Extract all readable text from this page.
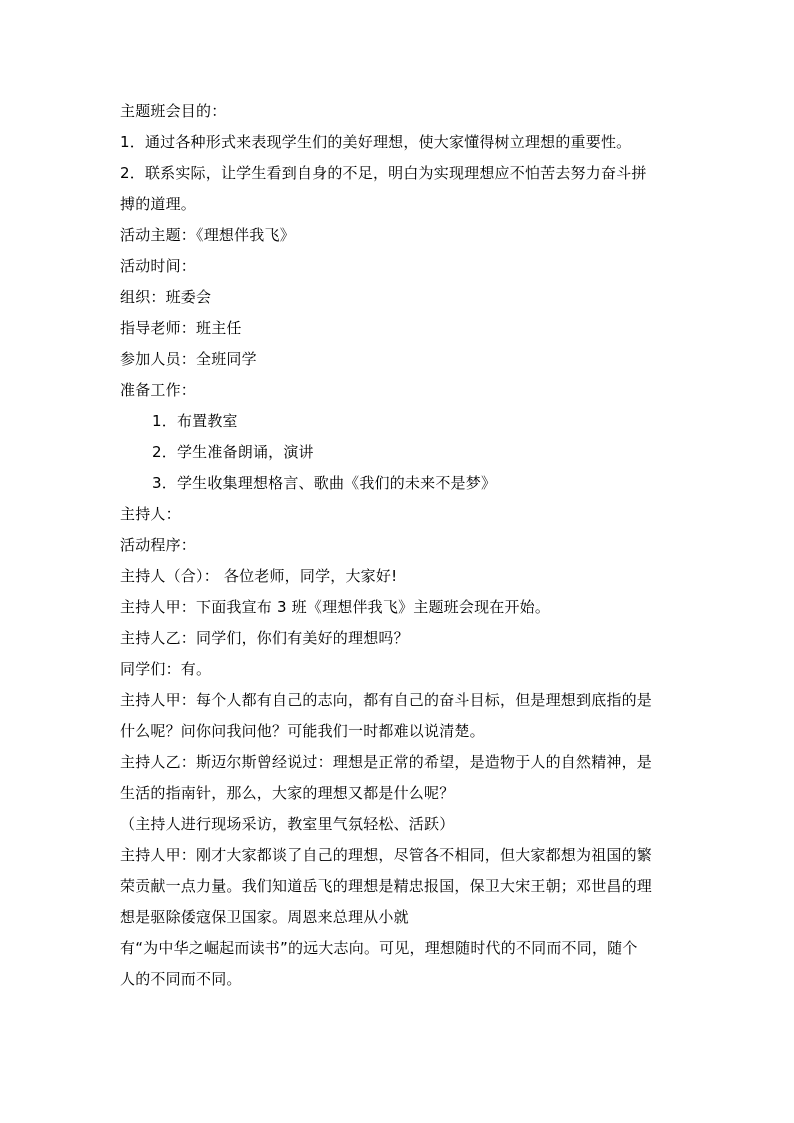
主题班会目的：
1．通过各种形式来表现学生们的美好理想，使大家懂得树立理想的重要性。
2．联系实际，让学生看到自身的不足，明白为实现理想应不怕苦去努力奋斗拼
搏的道理。
活动主题：《理想伴我飞》
活动时间：
组织：班委会
指导老师：班主任
参加人员：全班同学
准备工作：
1．布置教室
2．学生准备朗诵，演讲
3．学生收集理想格言、歌曲《我们的未来不是梦》
主持人：
活动程序：
主持人（合）： 各位老师，同学，大家好!
主持人甲：下面我宣布 3 班《理想伴我飞》主题班会现在开始。
主持人乙：同学们，你们有美好的理想吗？
同学们：有。
主持人甲：每个人都有自己的志向，都有自己的奋斗目标，但是理想到底指的是
什么呢？问你问我问他？可能我们一时都难以说清楚。
主持人乙：斯迈尔斯曾经说过：理想是正常的希望，是造物于人的自然精神，是
生活的指南针，那么，大家的理想又都是什么呢？
（主持人进行现场采访，教室里气氛轻松、活跃）
主持人甲：刚才大家都谈了自己的理想，尽管各不相同，但大家都想为祖国的繁
荣贡献一点力量。我们知道岳飞的理想是精忠报国，保卫大宋王朝；邓世昌的理
想是驱除倭寇保卫国家。周恩来总理从小就
有“为中华之崛起而读书”的远大志向。可见，理想随时代的不同而不同，随个
人的不同而不同。
